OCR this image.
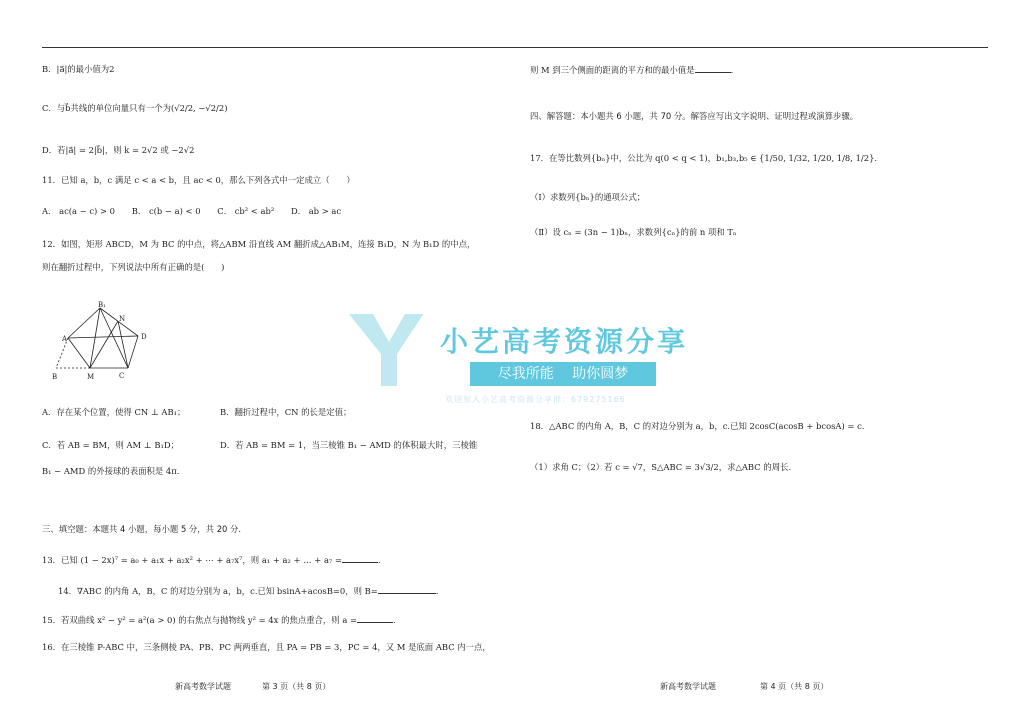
B．|a⃗|的最小值为2
C．与b⃗共线的单位向量只有一个为(√2/2, −√2/2)
D．若|a⃗| = 2|b⃗|，则 k = 2√2 或 −2√2
11．已知 a，b，c 满足 c < a < b，且 ac < 0，那么下列各式中一定成立（　　）
A． ac(a − c) > 0　　B． c(b − a) < 0　　C． cb² < ab²　　D． ab > ac
12．如图，矩形 ABCD，M 为 BC 的中点，将△ABM 沿直线 AM 翻折成△AB₁M，连接 B₁D，N 为 B₁D 的中点，
则在翻折过程中，下列说法中所有正确的是(　　)
B₁
N
A	D
B	M	C
A．存在某个位置，使得 CN ⊥ AB₁；	B．翻折过程中，CN 的长是定值；
C．若 AB = BM，则 AM ⊥ B₁D；	D．若 AB = BM = 1，当三棱锥 B₁ − AMD 的体积最大时，三棱锥
B₁ − AMD 的外接球的表面积是 4π.
三、填空题：本题共 4 小题，每小题 5 分，共 20 分.
13．已知 (1 − 2x)⁷ = a₀ + a₁x + a₂x² + ⋯ + a₇x⁷，则 a₁ + a₂ + … + a₇ =	.
14．∇ABC 的内角 A，B，C 的对边分别为 a，b，c.已知 bsinA+acosB=0，则 B=	.
15．若双曲线 x² − y² = a²(a > 0) 的右焦点与抛物线 y² = 4x 的焦点重合，则 a =	.
16．在三棱锥 P-ABC 中，三条侧棱 PA、PB、PC 两两垂直，且 PA = PB = 3，PC = 4，又 M 是底面 ABC 内一点，
则 M 到三个侧面的距离的平方和的最小值是	.
四、解答题：本小题共 6 小题，共 70 分。解答应写出文字说明、证明过程或演算步骤。
17．在等比数列{bₙ}中，公比为 q(0 < q < 1)，b₁,b₃,b₅ ∈ {1/50, 1/32, 1/20, 1/8, 1/2}.
（Ⅰ）求数列{bₙ}的通项公式；
（Ⅱ）设 cₙ = (3n − 1)bₙ，求数列{cₙ}的前 n 项和 Tₙ
18．△ABC 的内角 A，B，C 的对边分别为 a，b，c.已知 2cosC(acosB + bcosA) = c.
（1）求角 C；（2）若 c = √7，S△ABC = 3√3/2，求△ABC 的周长.
小艺高考资源分享
尽我所能　 助你圆梦
欢迎加入小艺高考资源分享群：679275166
新高考数学试题	第 3 页（共 8 页）	新高考数学试题	第 4 页（共 8 页）
